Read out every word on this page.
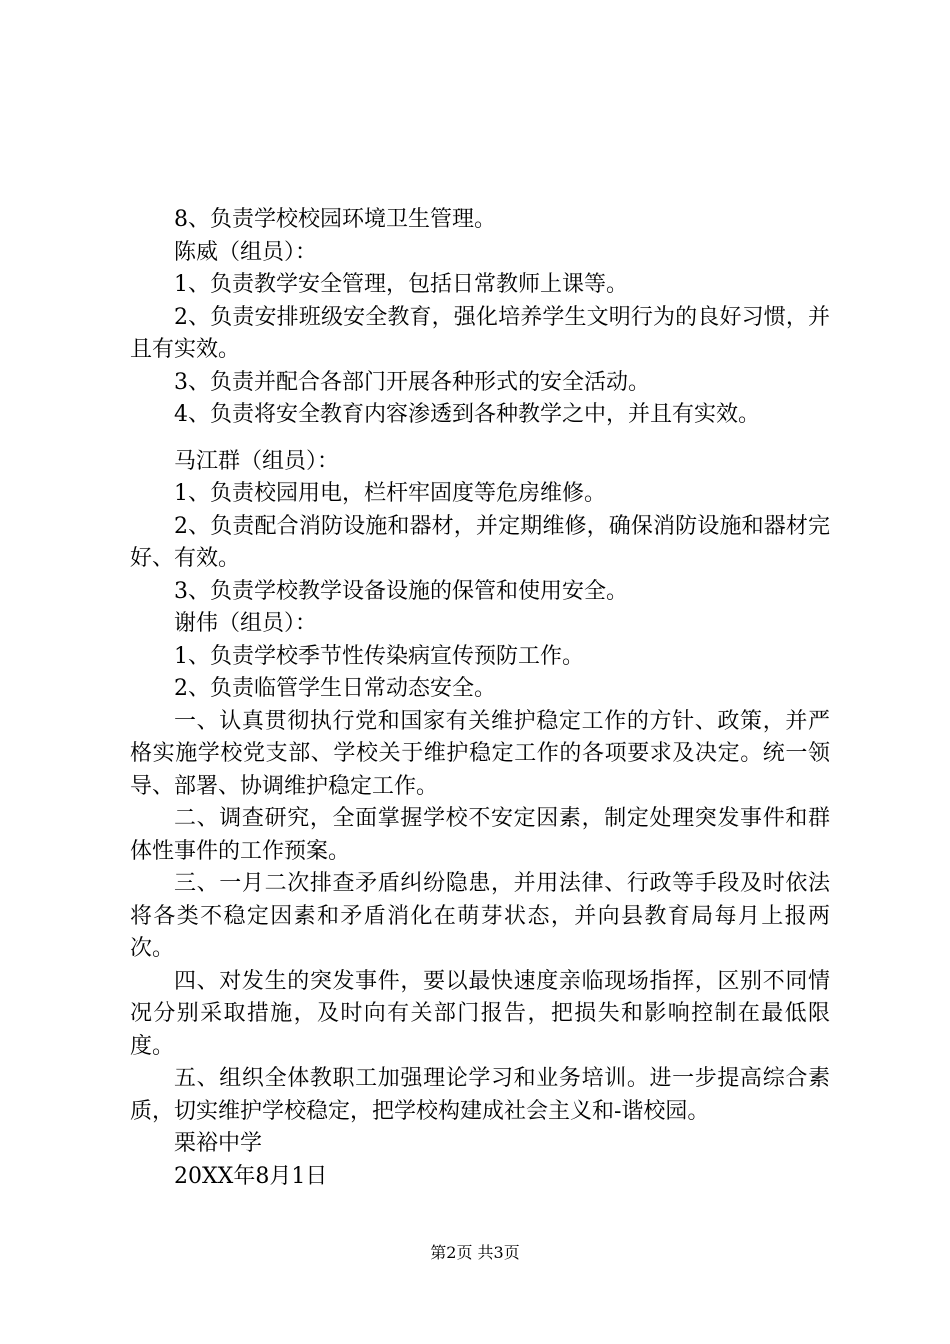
8、负责学校校园环境卫生管理。

陈威（组员）：

1、负责教学安全管理，包括日常教师上课等。

2、负责安排班级安全教育，强化培养学生文明行为的良好习惯，并且有实效。

3、负责并配合各部门开展各种形式的安全活动。

4、负责将安全教育内容渗透到各种教学之中，并且有实效。

马江群（组员）：

1、负责校园用电，栏杆牢固度等危房维修。

2、负责配合消防设施和器材，并定期维修，确保消防设施和器材完好、有效。

3、负责学校教学设备设施的保管和使用安全。

谢伟（组员）：

1、负责学校季节性传染病宣传预防工作。

2、负责临管学生日常动态安全。

一、认真贯彻执行党和国家有关维护稳定工作的方针、政策，并严格实施学校党支部、学校关于维护稳定工作的各项要求及决定。统一领导、部署、协调维护稳定工作。

二、调查研究，全面掌握学校不安定因素，制定处理突发事件和群体性事件的工作预案。

三、一月二次排查矛盾纠纷隐患，并用法律、行政等手段及时依法将各类不稳定因素和矛盾消化在萌芽状态，并向县教育局每月上报两次。

四、对发生的突发事件，要以最快速度亲临现场指挥，区别不同情况分别采取措施，及时向有关部门报告，把损失和影响控制在最低限度。

五、组织全体教职工加强理论学习和业务培训。进一步提高综合素质，切实维护学校稳定，把学校构建成社会主义和-谐校园。

栗裕中学

20XX年8月1日

第2页 共3页
